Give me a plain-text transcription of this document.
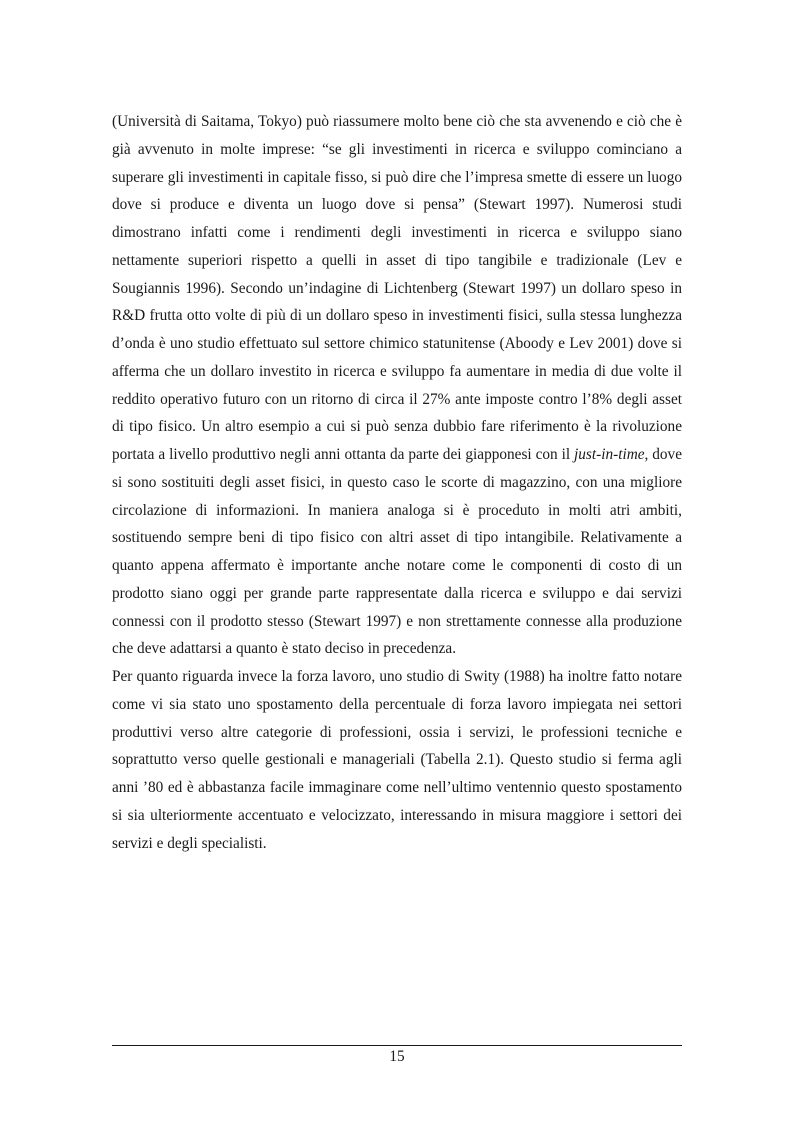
(Università di Saitama, Tokyo) può riassumere molto bene ciò che sta avvenendo e ciò che è già avvenuto in molte imprese: “se gli investimenti in ricerca e sviluppo cominciano a superare gli investimenti in capitale fisso, si può dire che l’impresa smette di essere un luogo dove si produce e diventa un luogo dove si pensa” (Stewart 1997). Numerosi studi dimostrano infatti come i rendimenti degli investimenti in ricerca e sviluppo siano nettamente superiori rispetto a quelli in asset di tipo tangibile e tradizionale (Lev e Sougiannis 1996). Secondo un’indagine di Lichtenberg (Stewart 1997) un dollaro speso in R&D frutta otto volte di più di un dollaro speso in investimenti fisici, sulla stessa lunghezza d’onda è uno studio effettuato sul settore chimico statunitense (Aboody e Lev 2001) dove si afferma che un dollaro investito in ricerca e sviluppo fa aumentare in media di due volte il reddito operativo futuro con un ritorno di circa il 27% ante imposte contro l’8% degli asset di tipo fisico. Un altro esempio a cui si può senza dubbio fare riferimento è la rivoluzione portata a livello produttivo negli anni ottanta da parte dei giapponesi con il just-in-time, dove si sono sostituiti degli asset fisici, in questo caso le scorte di magazzino, con una migliore circolazione di informazioni. In maniera analoga si è proceduto in molti atri ambiti, sostituendo sempre beni di tipo fisico con altri asset di tipo intangibile. Relativamente a quanto appena affermato è importante anche notare come le componenti di costo di un prodotto siano oggi per grande parte rappresentate dalla ricerca e sviluppo e dai servizi connessi con il prodotto stesso (Stewart 1997) e non strettamente connesse alla produzione che deve adattarsi a quanto è stato deciso in precedenza.

Per quanto riguarda invece la forza lavoro, uno studio di Swity (1988) ha inoltre fatto notare come vi sia stato uno spostamento della percentuale di forza lavoro impiegata nei settori produttivi verso altre categorie di professioni, ossia i servizi, le professioni tecniche e soprattutto verso quelle gestionali e manageriali (Tabella 2.1). Questo studio si ferma agli anni ’80 ed è abbastanza facile immaginare come nell’ultimo ventennio questo spostamento si sia ulteriormente accentuato e velocizzato, interessando in misura maggiore i settori dei servizi e degli specialisti.

15
